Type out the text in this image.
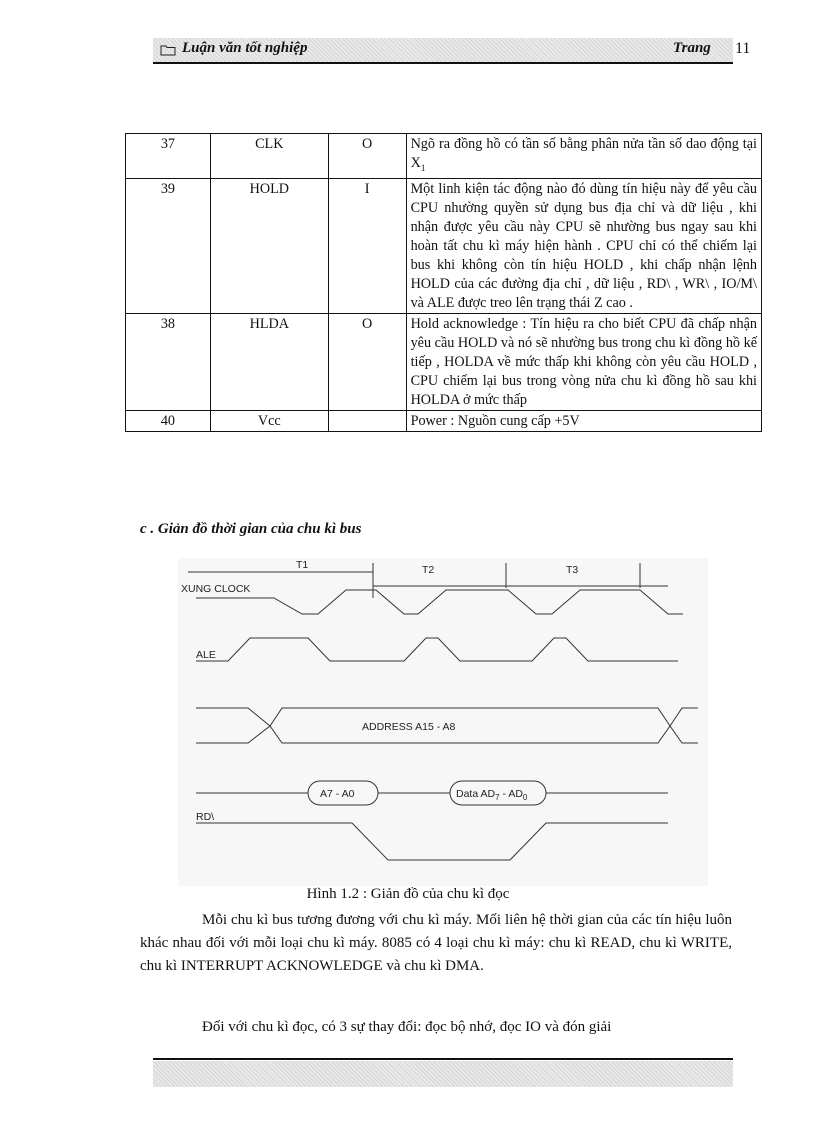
Luận văn tốt nghiệp	Trang 11
37	CLK	O	Ngõ ra đồng hồ có tần số bằng phân nửa tần số dao động tại $X_1$
39	HOLD	I	Một linh kiện tác động nào đó dùng tín hiệu này để yêu cầu CPU nhường quyền sử dụng bus địa chỉ và dữ liệu , khi nhận được yêu cầu này CPU sẽ nhường bus ngay sau khi hoàn tất chu kì máy hiện hành . CPU chỉ có thể chiếm lại bus khi không còn tín hiệu HOLD , khi chấp nhận lệnh HOLD của các đường địa chỉ , dữ liệu , RD\ , WR\ , IO/M\ và ALE được treo lên trạng thái Z cao .
38	HLDA	O	Hold acknowledge : Tín hiệu ra cho biết CPU đã chấp nhận yêu cầu HOLD và nó sẽ nhường bus trong chu kì đồng hồ kế tiếp , HOLDA về mức thấp khi không còn yêu cầu HOLD , CPU chiếm lại bus trong vòng nửa chu kì đồng hồ sau khi HOLDA ở mức thấp
40	Vcc		Power : Nguồn cung cấp +5V
c . Giản đồ thời gian của chu kì bus
T1	T2	T3
XUNG CLOCK
ALE
ADDRESS A15 - A8
A7 - A0	Data $AD_7 - AD_0$
RD\
Hình 1.2 : Giản đồ của chu kì đọc
Mỗi chu kì bus tương đương với chu kì máy. Mối liên hệ thời gian của các tín hiệu luôn khác nhau đối với mỗi loại chu kì máy. 8085 có 4 loại chu kì máy: chu kì READ, chu kì WRITE, chu kì INTERRUPT ACKNOWLEDGE và chu kì DMA.
Đối với chu kì đọc, có 3 sự thay đổi: đọc bộ nhớ, đọc IO và đón giải
